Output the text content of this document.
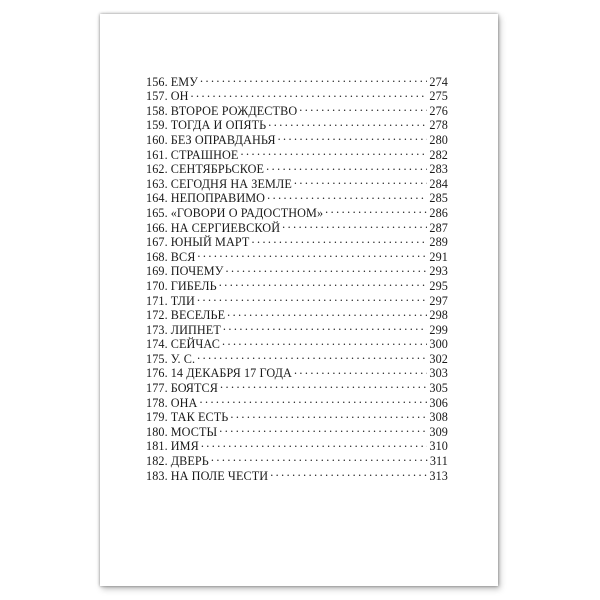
156. ЕМУ . . .	274
157. ОН . . .	275
158. ВТОРОЕ РОЖДЕСТВО . . .	276
159. ТОГДА И ОПЯТЬ . . .	278
160. БЕЗ ОПРАВДАНЬЯ . . .	280
161. СТРАШНОЕ . . .	282
162. СЕНТЯБРЬСКОЕ . . .	283
163. СЕГОДНЯ НА ЗЕМЛЕ . . .	284
164. НЕПОПРАВИМО . . .	285
165. «ГОВОРИ О РАДОСТНОМ» . . .	286
166. НА СЕРГИЕВСКОЙ . . .	287
167. ЮНЫЙ МАРТ . . .	289
168. ВСЯ . . .	291
169. ПОЧЕМУ . . .	293
170. ГИБЕЛЬ . . .	295
171. ТЛИ . . .	297
172. ВЕСЕЛЬЕ . . .	298
173. ЛИПНЕТ . . .	299
174. СЕЙЧАС . . .	300
175. У. С. . . .	302
176. 14 ДЕКАБРЯ 17 ГОДА . . .	303
177. БОЯТСЯ . . .	305
178. ОНА . . .	306
179. ТАК ЕСТЬ . . .	308
180. МОСТЫ . . .	309
181. ИМЯ . . .	310
182. ДВЕРЬ . . .	311
183. НА ПОЛЕ ЧЕСТИ . . .	313
